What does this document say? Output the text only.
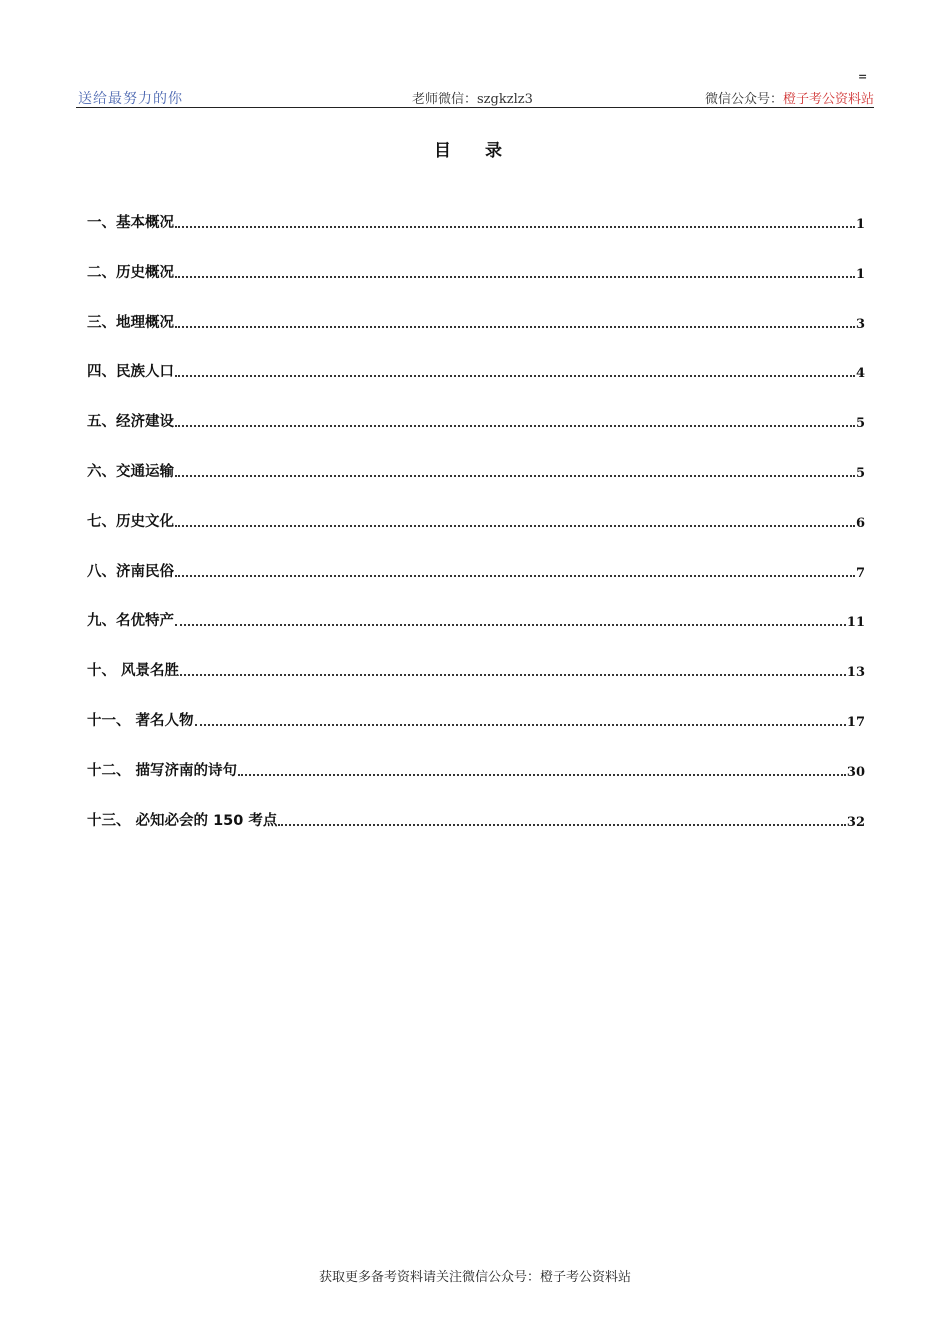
=
送给最努力的你	老师微信：szgkzlz3	微信公众号：橙子考公资料站
目 录
一、基本概况	1
二、历史概况	1
三、地理概况	3
四、民族人口	4
五、经济建设	5
六、交通运输	5
七、历史文化	6
八、济南民俗	7
九、名优特产	11
十、 风景名胜	13
十一、 著名人物	17
十二、 描写济南的诗句	30
十三、 必知必会的 150 考点	32
获取更多备考资料请关注微信公众号：橙子考公资料站
